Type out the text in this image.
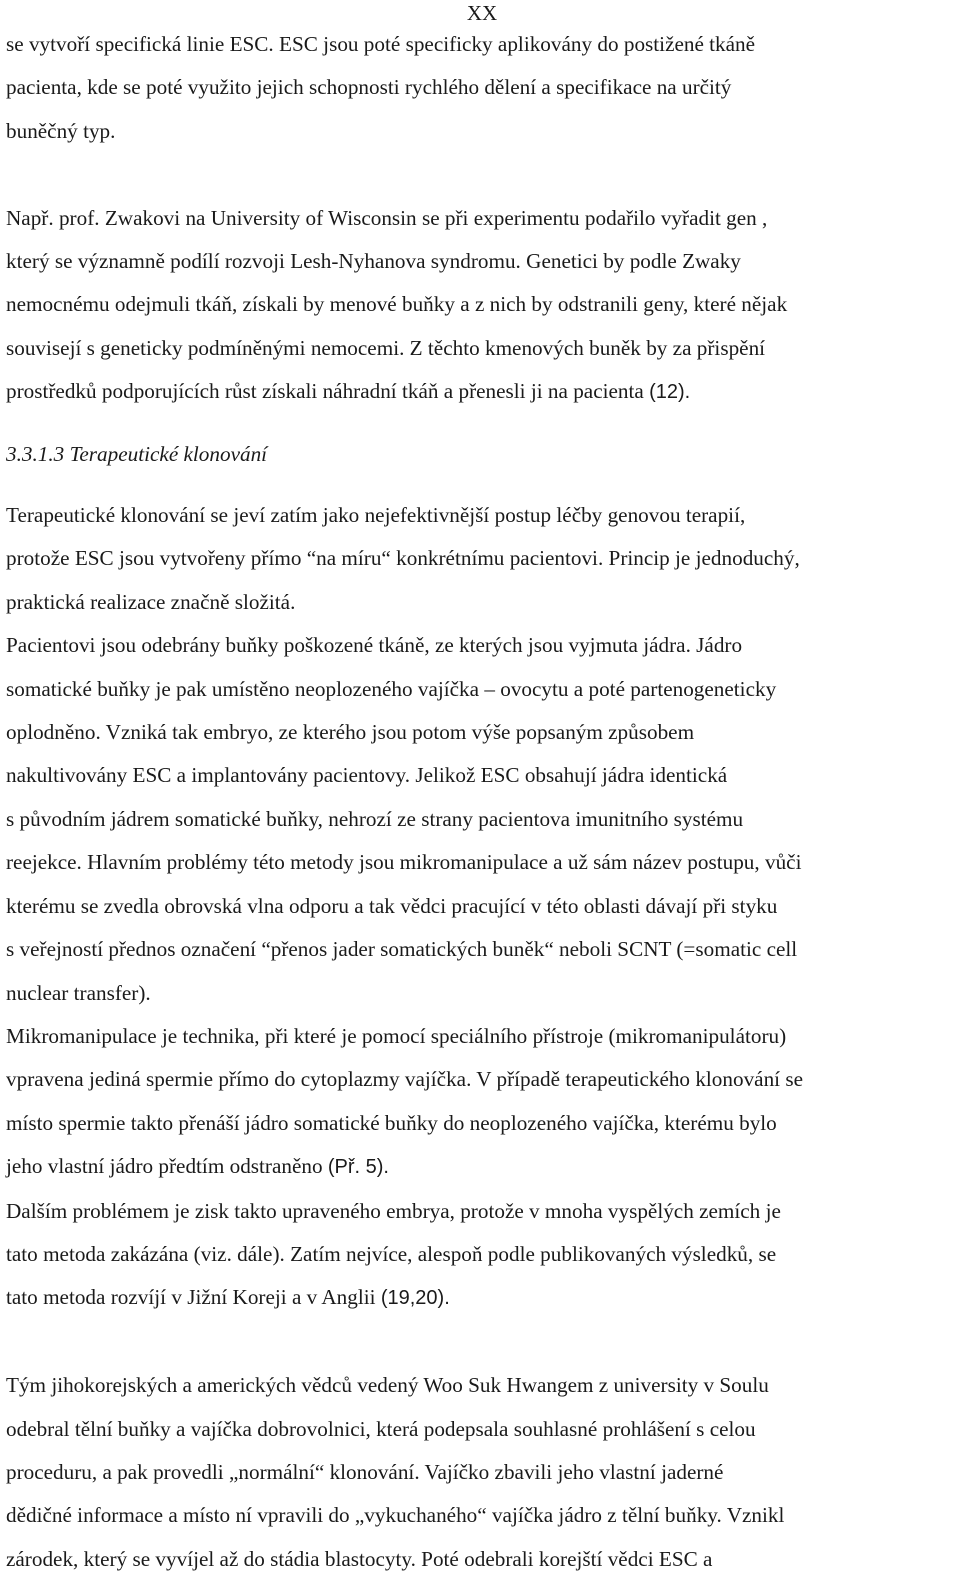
XX

se vytvoří specifická linie ESC. ESC jsou poté specificky aplikovány do postižené tkáně

pacienta, kde se poté využito jejich schopnosti rychlého dělení a specifikace na určitý

buněčný typ.

Např. prof. Zwakovi na University of Wisconsin se při experimentu podařilo vyřadit gen ,

který se významně podílí rozvoji Lesh-Nyhanova syndromu. Genetici by podle Zwaky

nemocnému odejmuli tkáň, získali by menové buňky a z nich by odstranili geny, které nějak

souvisejí s geneticky podmíněnými nemocemi. Z těchto kmenových buněk by za přispění

prostředků podporujících růst získali náhradní tkáň a přenesli ji na pacienta (12).

3.3.1.3 Terapeutické klonování

Terapeutické klonování se jeví zatím jako nejefektivnější postup léčby genovou terapií,

protože ESC jsou vytvořeny přímo “na míru“ konkrétnímu pacientovi. Princip je jednoduchý,

praktická realizace značně složitá.

Pacientovi jsou odebrány buňky poškozené tkáně, ze kterých jsou vyjmuta jádra. Jádro

somatické buňky je pak umístěno neoplozeného vajíčka – ovocytu a poté partenogeneticky

oplodněno. Vzniká tak embryo, ze kterého jsou potom výše popsaným způsobem

nakultivovány ESC a implantovány pacientovy. Jelikož ESC obsahují jádra identická

s původním jádrem somatické buňky, nehrozí ze strany pacientova imunitního systému

reejekce. Hlavním problémy této metody jsou mikromanipulace a už sám název postupu, vůči

kterému se zvedla obrovská vlna odporu a tak vědci pracující v této oblasti dávají při styku

s veřejností přednos označení “přenos jader somatických buněk“ neboli SCNT (=somatic cell

nuclear transfer).

Mikromanipulace je technika, při které je pomocí speciálního přístroje (mikromanipulátoru)

vpravena jediná spermie přímo do cytoplazmy vajíčka. V případě terapeutického klonování se

místo spermie takto přenáší jádro somatické buňky do neoplozeného vajíčka, kterému bylo

jeho vlastní jádro předtím odstraněno (Př. 5).

Dalším problémem je zisk takto upraveného embrya, protože v mnoha vyspělých zemích je

tato metoda zakázána (viz. dále). Zatím nejvíce, alespoň podle publikovaných výsledků, se

tato metoda rozvíjí v Jižní Koreji a v Anglii (19,20).

Tým jihokorejských a amerických vědců vedený Woo Suk Hwangem z university v Soulu

odebral tělní buňky a vajíčka dobrovolnici, která podepsala souhlasné prohlášení s celou

proceduru, a pak provedli „normální“ klonování. Vajíčko zbavili jeho vlastní jaderné

dědičné informace a místo ní vpravili do „vykuchaného“ vajíčka jádro z tělní buňky. Vznikl

zárodek, který se vyvíjel až do stádia blastocyty. Poté odebrali korejští vědci ESC a
